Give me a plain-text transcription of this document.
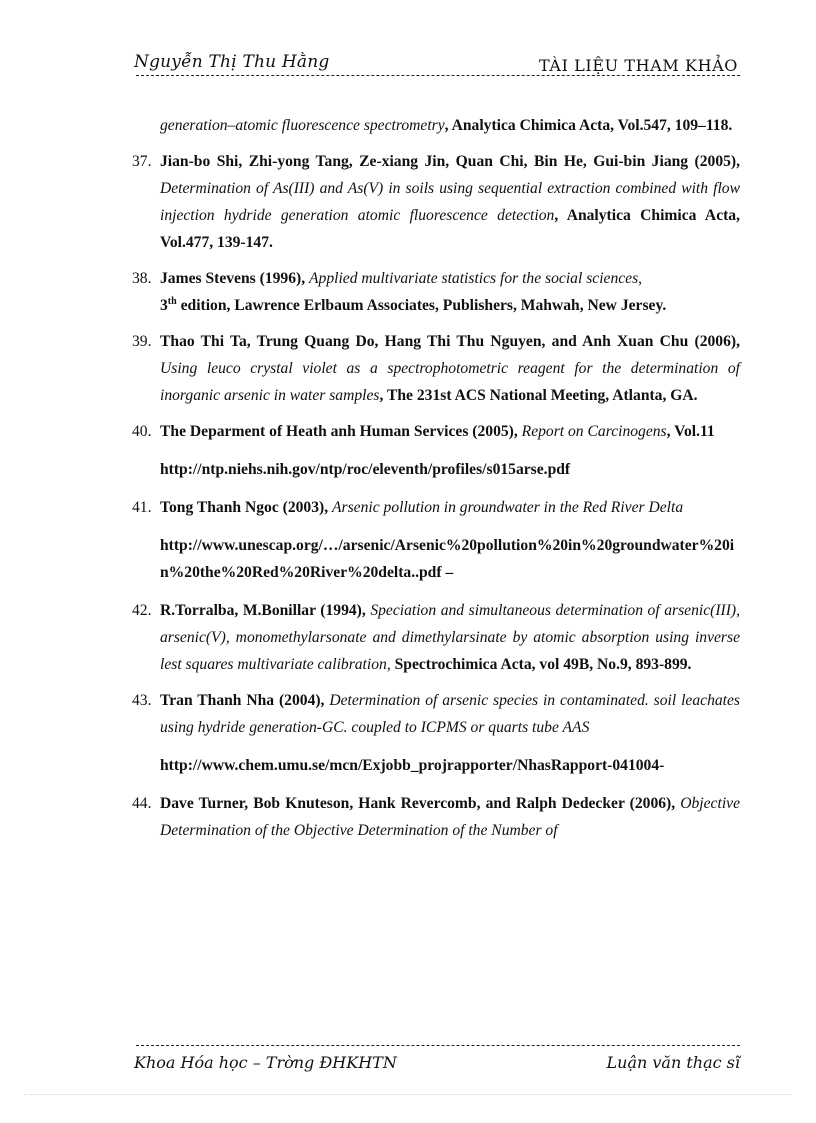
Nguyễn Thị Thu Hằng	TÀI LIỆU THAM KHẢO
generation–atomic fluorescence spectrometry, Analytica Chimica Acta, Vol.547, 109–118.
37. Jian-bo Shi, Zhi-yong Tang, Ze-xiang Jin, Quan Chi, Bin He, Gui-bin Jiang (2005), Determination of As(III) and As(V) in soils using sequential extraction combined with flow injection hydride generation atomic fluorescence detection, Analytica Chimica Acta, Vol.477, 139-147.
38. James Stevens (1996), Applied multivariate statistics for the social sciences,
3th edition, Lawrence Erlbaum Associates, Publishers, Mahwah, New Jersey.
39. Thao Thi Ta, Trung Quang Do, Hang Thi Thu Nguyen, and Anh Xuan Chu (2006), Using leuco crystal violet as a spectrophotometric reagent for the determination of inorganic arsenic in water samples, The 231st ACS National Meeting, Atlanta, GA.
40. The Deparment of Heath anh Human Services (2005), Report on Carcinogens, Vol.11
http://ntp.niehs.nih.gov/ntp/roc/eleventh/profiles/s015arse.pdf
41. Tong Thanh Ngoc (2003), Arsenic pollution in groundwater in the Red River Delta
http://www.unescap.org/…/arsenic/Arsenic%20pollution%20in%20groundwater%20in%20the%20Red%20River%20delta..pdf –
42. R.Torralba, M.Bonillar (1994), Speciation and simultaneous determination of arsenic(III), arsenic(V), monomethylarsonate and dimethylarsinate by atomic absorption using inverse lest squares multivariate calibration, Spectrochimica Acta, vol 49B, No.9, 893-899.
43. Tran Thanh Nha (2004), Determination of arsenic species in contaminated. soil leachates using hydride generation-GC. coupled to ICPMS or quarts tube AAS
http://www.chem.umu.se/mcn/Exjobb_projrapporter/NhasRapport-041004-
44. Dave Turner, Bob Knuteson, Hank Revercomb, and Ralph Dedecker (2006), Objective Determination of the Objective Determination of the Number of
Khoa Hóa học – Trờng ĐHKHTN	Luận văn thạc sĩ
